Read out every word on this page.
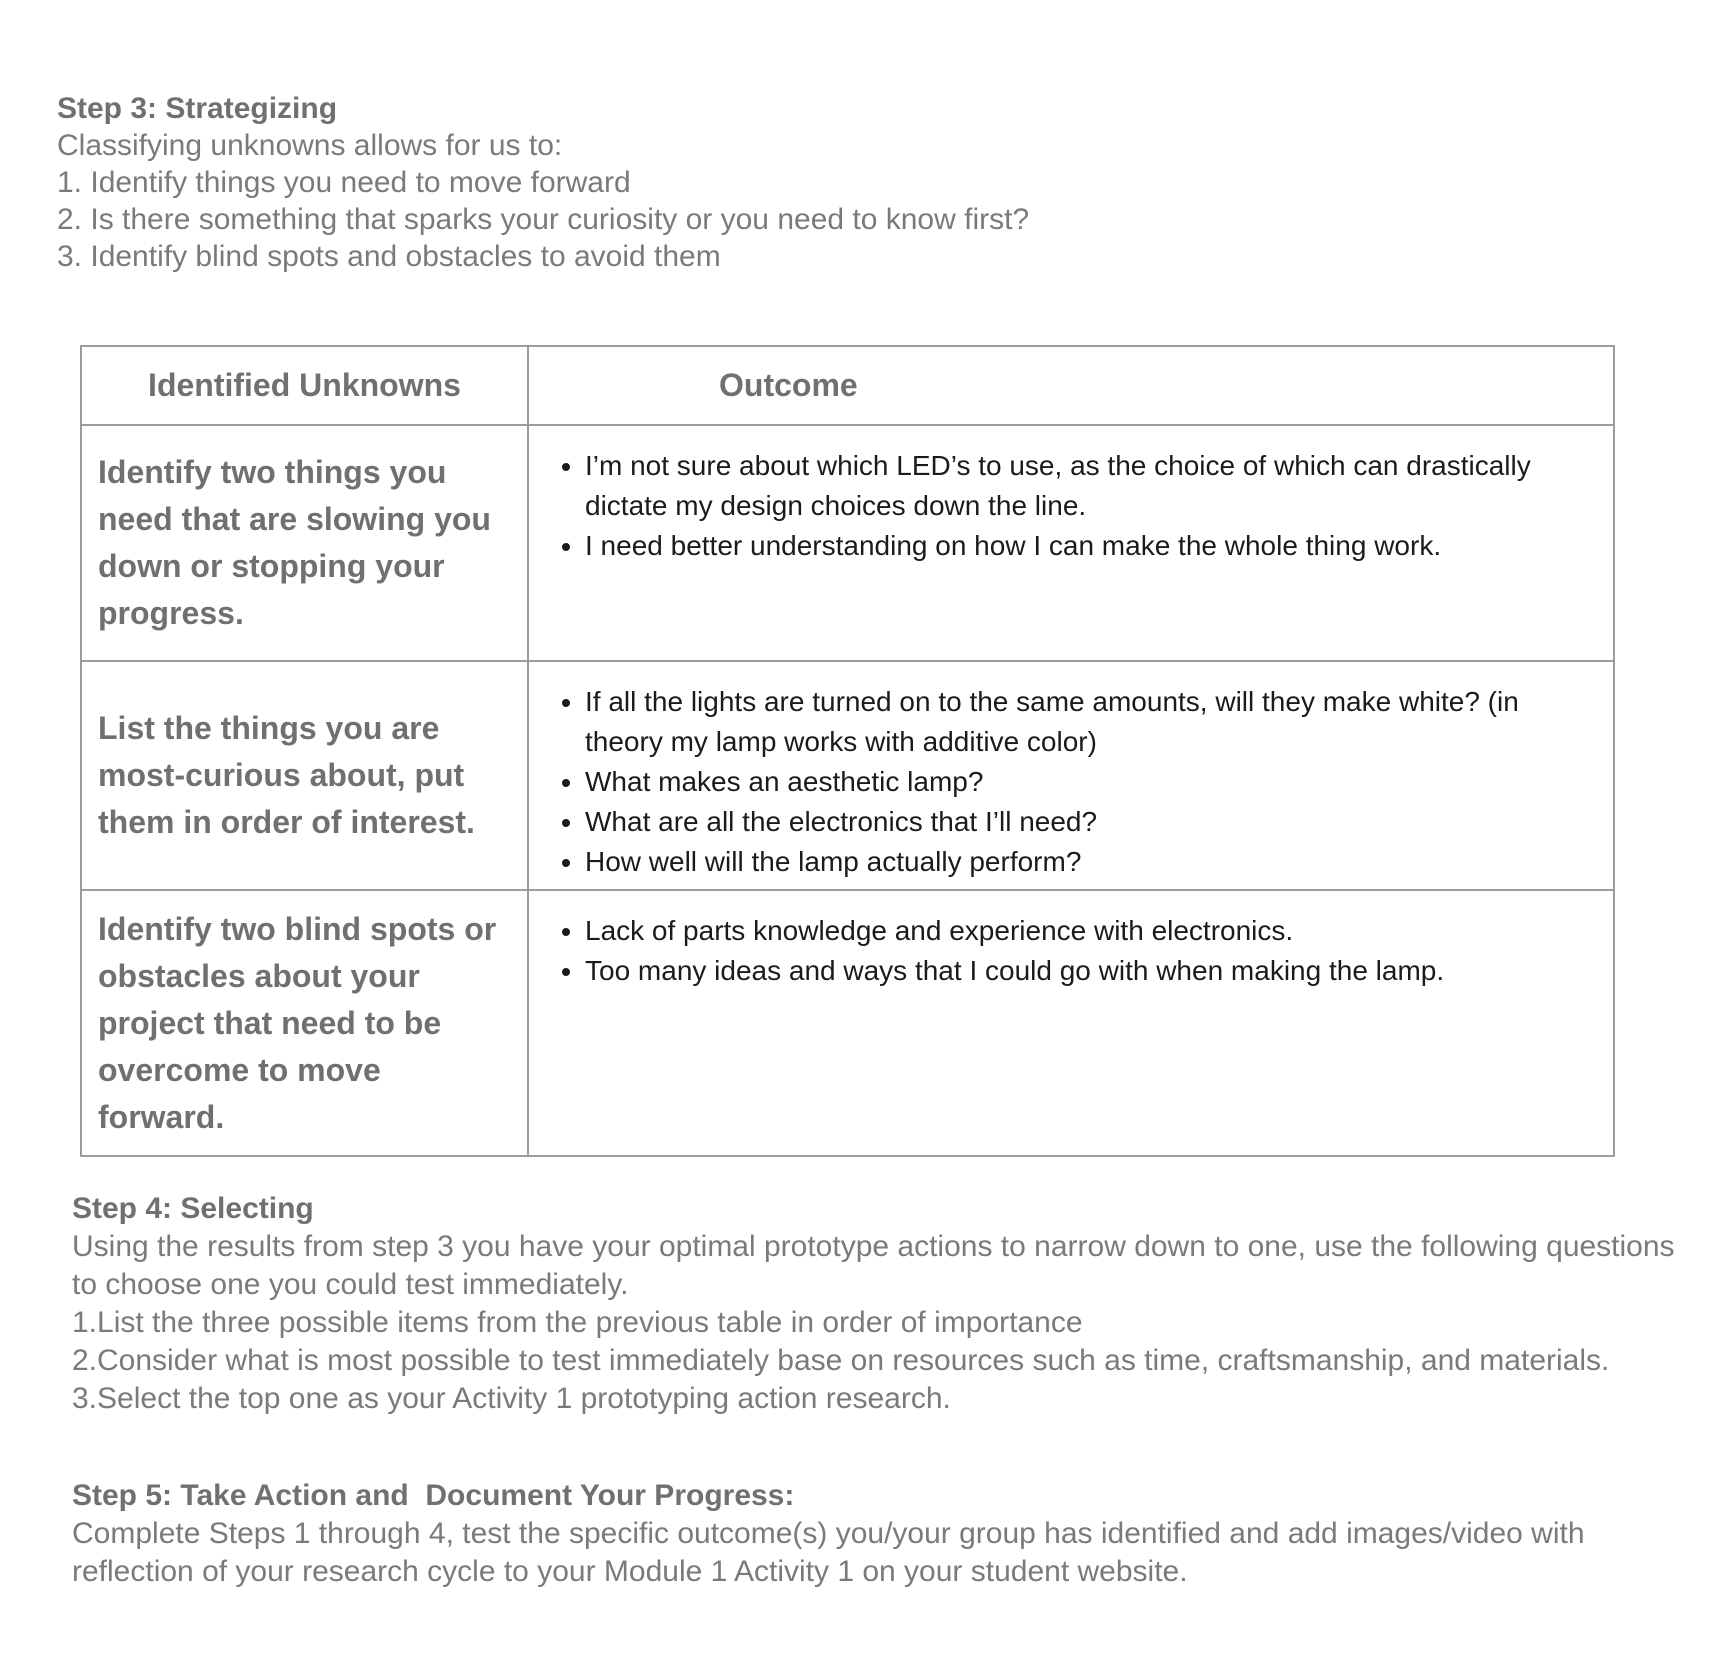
Step 3: Strategizing
Classifying unknowns allows for us to:
1. Identify things you need to move forward
2. Is there something that sparks your curiosity or you need to know first?
3. Identify blind spots and obstacles to avoid them
Identified Unknowns	Outcome
Identify two things you need that are slowing you down or stopping your progress.	
• I’m not sure about which LED’s to use, as the choice of which can drastically dictate my design choices down the line.
• I need better understanding on how I can make the whole thing work.

List the things you are most-curious about, put them in order of interest.	
• If all the lights are turned on to the same amounts, will they make white? (in theory my lamp works with additive color)
• What makes an aesthetic lamp?
• What are all the electronics that I’ll need?
• How well will the lamp actually perform?

Identify two blind spots or obstacles about your project that need to be overcome to move forward.	
• Lack of parts knowledge and experience with electronics.
• Too many ideas and ways that I could go with when making the lamp.
Step 4: Selecting
Using the results from step 3 you have your optimal prototype actions to narrow down to one, use the following questions to choose one you could test immediately.
1.List the three possible items from the previous table in order of importance
2.Consider what is most possible to test immediately base on resources such as time, craftsmanship, and materials.
3.Select the top one as your Activity 1 prototyping action research.
Step 5: Take Action and  Document Your Progress:
Complete Steps 1 through 4, test the specific outcome(s) you/your group has identified and add images/video with reflection of your research cycle to your Module 1 Activity 1 on your student website.
